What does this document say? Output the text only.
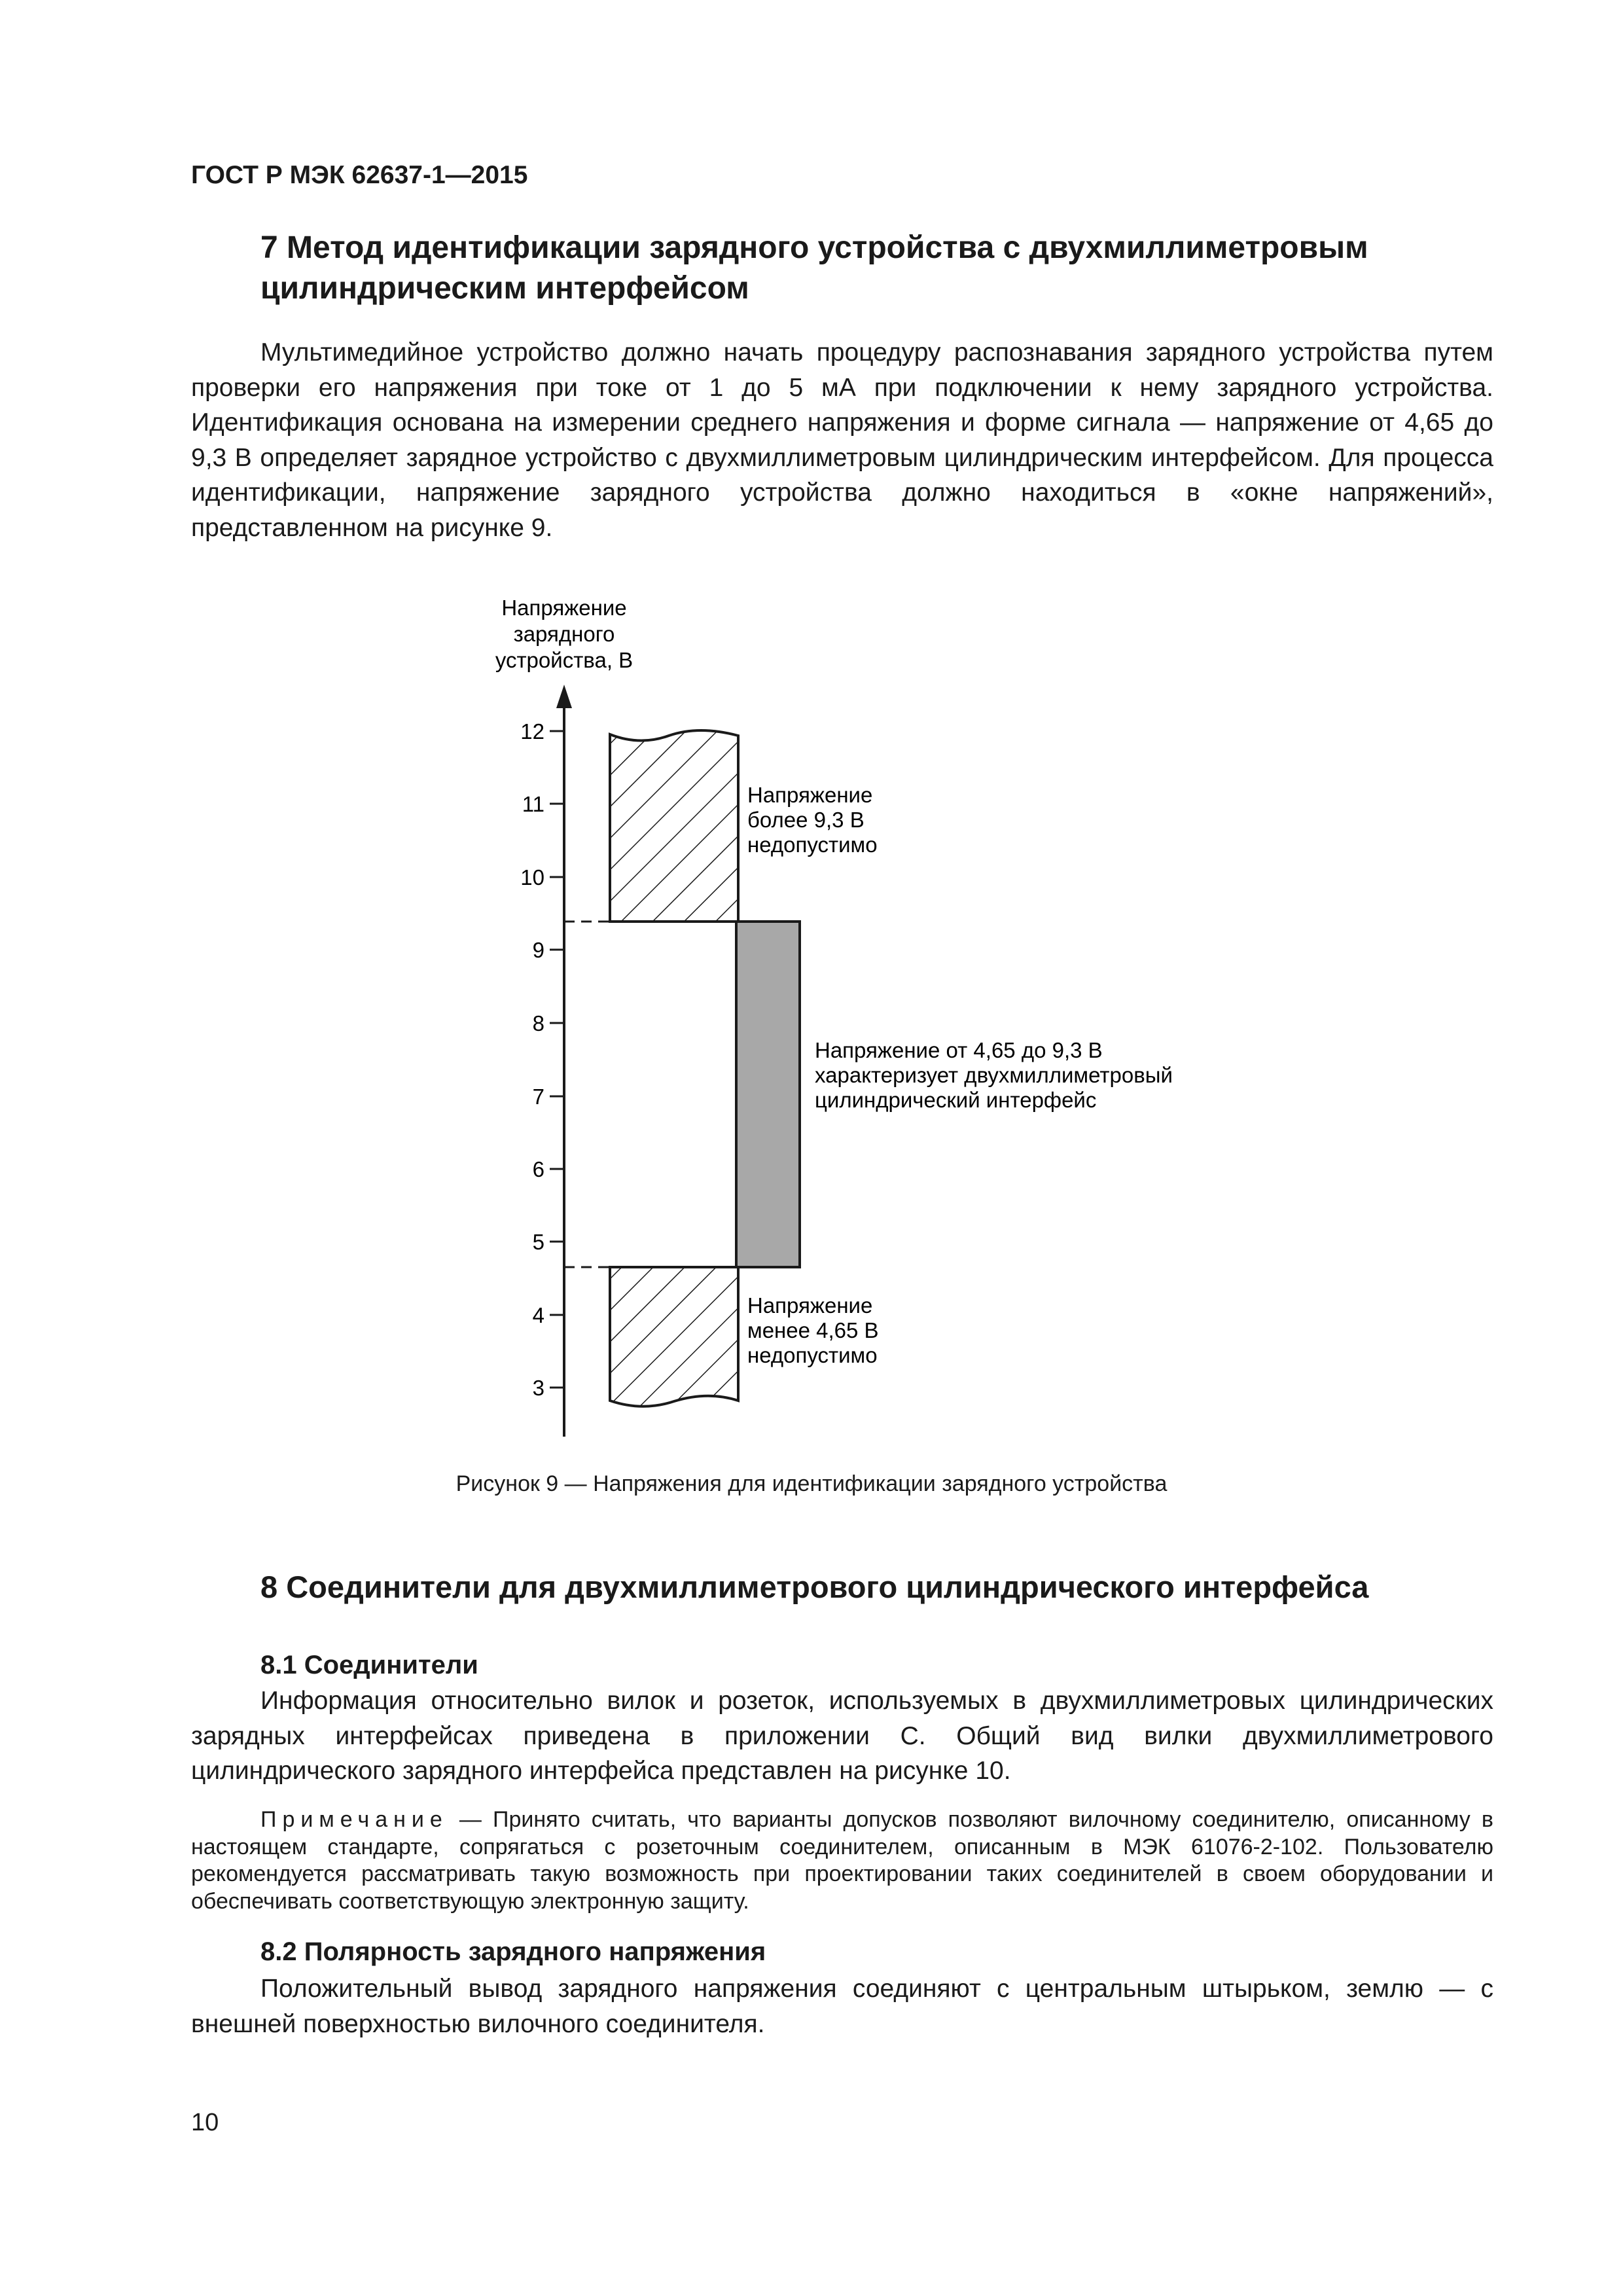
ГОСТ Р МЭК 62637-1—2015
7 Метод идентификации зарядного устройства с двухмиллиметровым
цилиндрическим интерфейсом

Мультимедийное устройство должно начать процедуру распознавания зарядного устройства путем проверки его напряжения при токе от 1 до 5 мА при подключении к нему зарядного устройства. Идентификация основана на измерении среднего напряжения и форме сигнала — напряжение от 4,65 до 9,3 В определяет зарядное устройство с двухмиллиметровым цилиндрическим интерфейсом. Для процесса идентификации, напряжение зарядного устройства должно находиться в «окне напряжений», представленном на рисунке 9.

Напряжение
зарядного
устройства, В
12
11
10
9
8
7
6
5
4
3
Напряжение
более 9,3 В
недопустимо
Напряжение от 4,65 до 9,3 В
характеризует двухмиллиметровый
цилиндрический интерфейс
Напряжение
менее 4,65 В
недопустимо
Рисунок 9 — Напряжения для идентификации зарядного устройства
8 Соединители для двухмиллиметрового цилиндрического интерфейса
8.1 Соединители

Информация относительно вилок и розеток, используемых в двухмиллиметровых цилиндрических зарядных интерфейсах приведена в приложении С. Общий вид вилки двухмиллиметрового цилиндрического зарядного интерфейса представлен на рисунке 10.

Примечание — Принято считать, что варианты допусков позволяют вилочному соединителю, описанному в настоящем стандарте, сопрягаться с розеточным соединителем, описанным в МЭК 61076-2-102. Пользователю рекомендуется рассматривать такую возможность при проектировании таких соединителей в своем оборудовании и обеспечивать соответствующую электронную защиту.

8.2 Полярность зарядного напряжения

Положительный вывод зарядного напряжения соединяют с центральным штырьком, землю — с внешней поверхностью вилочного соединителя.

10
